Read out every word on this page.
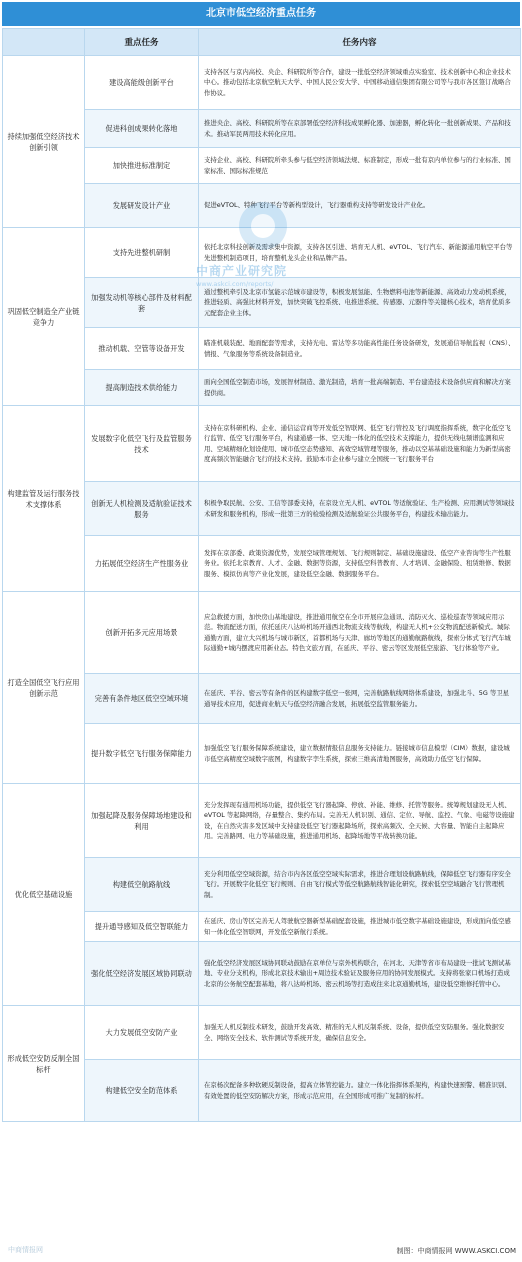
北京市低空经济重点任务
	重点任务	任务内容
持续加强低空经济技术创新引领	建设高能级创新平台	支持各区与京内高校、央企、科研院所等合作，建设一批低空经济领域重点实验室、技术创新中心和企业技术中心。推动包括北京航空航天大学、中国人民公安大学、中国移动通信集团有限公司等与我市各区签订战略合作协议。
	促进科创成果转化落地	推进央企、高校、科研院所等在京部署低空经济科技成果孵化器、加速器，孵化转化一批创新成果、产品和技术。推动军民两用技术转化应用。
	加快推进标准制定	支持企业、高校、科研院所牵头参与低空经济领域法规、标准制定，形成一批有京内单位参与的行业标准、国家标准、国际标准规范
	发展研发设计产业	促进eVTOL、特种飞行平台等新构型设计，飞行器重构支持等研发设计产业化。
巩固低空制造全产业链竞争力	支持先进整机研制	依托北京科技创新及需求集中资源，支持各区引进、培育无人机、eVTOL、飞行汽车、新能源通用航空平台等先进整机制造项目，培育整机龙头企业和品牌产品。
	加强发动机等核心部件及材料配套	通过整机牵引及北京市氢能示范城市建设等，积极发展氢能、生物燃料电池等新能源、高效动力发动机系统，推进轻质、高强比材料开发，加快突破飞控系统、电推进系统、传感器、元器件等关键核心技术，培育优质多元配套企业主体。
	推动机载、空管等设备开发	瞄准机载装配、地面配套等需求，支持光电、雷达等多功能高性能任务设备研发，发展通信导航监视（CNS）、情报、气象服务等系统设备制造业。
	提高制造技术供给能力	面向全国低空制造市场，发展智材制造、激光制造，培育一批高端制造、平台建造技术设备供应商和解决方案提供商。
构建监管及运行服务技术支撑体系	发展数字化低空飞行及监管服务技术	支持在京科研机构、企业、通信运营商等开发低空智联网、低空飞行管控及飞行调度指挥系统，数字化低空飞行监管、低空飞行服务平台，构建通感一体、空天地一体化的低空技术支撑能力，提供无线电频谱监测和应用、空域精细化划设使用、城市低空态势感知、高效空域管理等服务，推动以空基基础设施和能力为新型高密度高频次智能融合飞行的技术支持。鼓励本市企业参与建立全国统一飞行服务平台
	创新无人机检测及适航验证技术服务	积极争取民航、公安、工信等部委支持，在京设立无人机、eVTOL 等适航验证、生产检测、应用测试等领域技术研发和服务机构，形成一批第三方的检验检测及适航验证公共服务平台，构建技术输出能力。
	力拓展低空经济生产性服务业	发挥在京部委、政策资源优势，发展空域管理规划、飞行规则制定、基础设施建设、低空产业咨询等生产性服务业。依托北京教育、人才、金融、数据等资源，支持低空科普教育、人才培训、金融保险、租赁维修、数据服务、模拟仿真等产业化发展，建设低空金融、数据服务平台。
打造全国低空飞行应用创新示范	创新开拓多元应用场景	应急救援方面，加快房山基地建设，推进通用航空在全市开展应急通讯、消防灭火、巡检巡查等领域应用示范。物流配送方面，依托延庆八达岭机场开通西北物流支线等航线，构建无人机+公交物流配送新模式。城际通勤方面，建立大兴机场与城市新区，首都机场与天津、廊坊等地区的通勤航路航线，探索分体式飞行汽车城际通勤+城内摆渡应用新业态。特色文旅方面，在延庆、平谷、密云等区发展低空旅游、飞行体验等产业。
	完善有条件地区低空空域环境	在延庆、平谷、密云等有条件的区构建数字低空一张网，完善航路航线网络体系建设，加强北斗、5G 等卫星通导技术应用，促进商业航天与低空经济融合发展，拓展低空监管服务能力。
	提升数字低空飞行服务保障能力	加强低空飞行服务保障系统建设，建立数据情报信息服务支持能力。链接城市信息模型（CIM）数据，建设城市低空高精度空域数字底图，构建数字孪生系统，探索三维高清地图服务，高效助力低空飞行保障。
优化低空基础设施	加强起降及服务保障场地建设和利用	充分发挥现有通用机场功能，提供低空飞行器起降、停放、补能、维修、托管等服务。统筹规划建设无人机、eVTOL 等起降网络，存量整合、集约布局。完善无人机识别、通信、定位、导航、监控、气象、电磁等设施建设，在自然灾害多发区域中支持建设低空飞行器起降场所，探索高频次、全天候、大容量、智能自主起降应用。完善路网、电力等基础设施，推进通用机场、起降场地等平战转换功能。
	构建低空航路航线	充分利用低空空域资源，结合市内各区低空空域实际需求，推进合理划设航路航线，保障低空飞行器有序安全飞行。开展数字化低空飞行规则、自由飞行模式等低空航路航线智能化研究，探索低空空域融合飞行管理机制。
	提升通导感知及低空智联能力	在延庆、房山等区完善无人驾驶航空器新型基础配套设施，推进城市低空数字基础设施建设，形成面向低空感知一体化低空智联网，开发低空新航行系统。
	强化低空经济发展区域协同联动	强化低空经济发展区域协同联动鼓励在京单位与京外机构联合，在河北、天津等省市布局建设一批试飞测试基地、专业分支机构，形成北京技术输出+周边技术验证及服务应用的协同发展模式。支持将张家口机场打造成北京的公务航空配套基地，将八达岭机场、密云机场等打造成往来北京通勤机场，建设低空维修托管中心。
形成低空安防反制全国标杆	大力发展低空安防产业	加强无人机反制技术研发，鼓励开发高效、精准的无人机反制系统、设备，提供低空安防服务。强化数据安全、网络安全技术、软件测试等系统开发，确保信息安全。
	构建低空安全防范体系	在京杨次配备多种软硬反制设备，提高立体管控能力。建立一体化指挥体系架构，构建快速预警、精准识别、有效处置的低空安防解决方案，形成示范应用，在全国形成可推广复制的标杆。
中商产业研究院
www.askci.com/reports/
中商情报网	制图：中商情报网 WWW.ASKCI.COM
